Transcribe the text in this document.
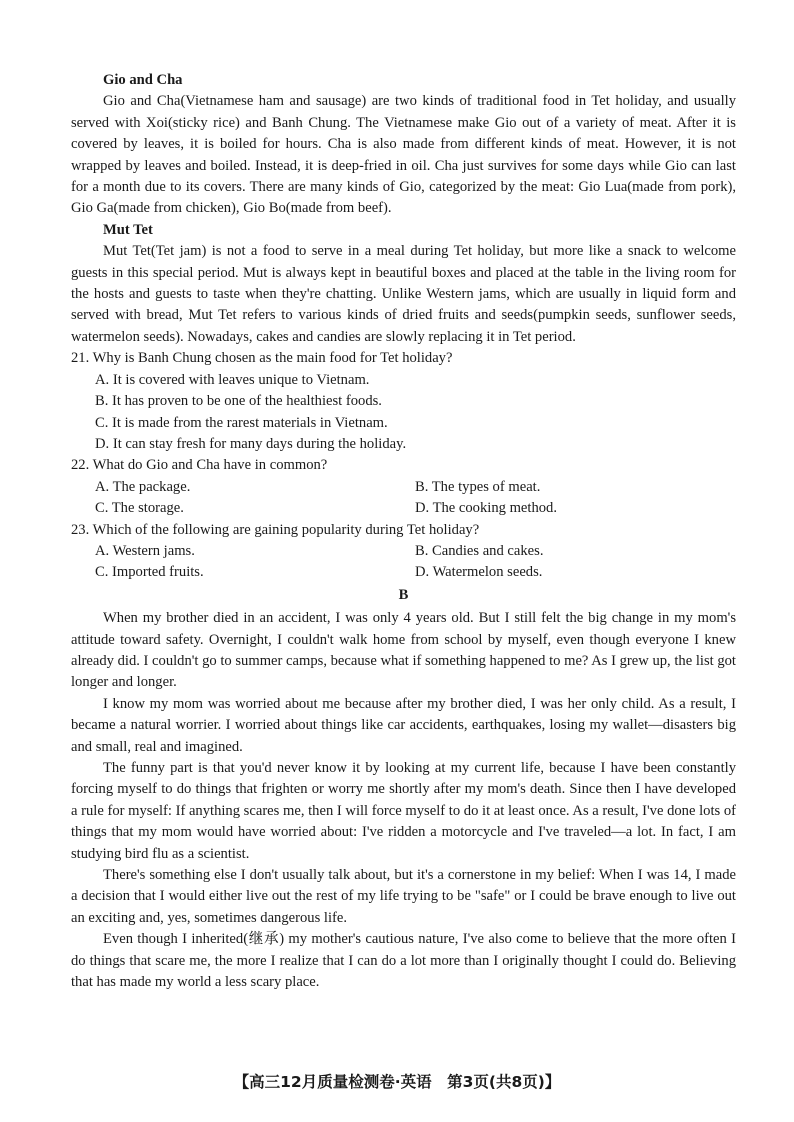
Gio and Cha

Gio and Cha(Vietnamese ham and sausage) are two kinds of traditional food in Tet holiday, and usually served with Xoi(sticky rice) and Banh Chung. The Vietnamese make Gio out of a variety of meat. After it is covered by leaves, it is boiled for hours. Cha is also made from different kinds of meat. However, it is not wrapped by leaves and boiled. Instead, it is deep-fried in oil. Cha just survives for some days while Gio can last for a month due to its covers. There are many kinds of Gio, categorized by the meat: Gio Lua(made from pork), Gio Ga(made from chicken), Gio Bo(made from beef).

Mut Tet

Mut Tet(Tet jam) is not a food to serve in a meal during Tet holiday, but more like a snack to welcome guests in this special period. Mut is always kept in beautiful boxes and placed at the table in the living room for the hosts and guests to taste when they're chatting. Unlike Western jams, which are usually in liquid form and served with bread, Mut Tet refers to various kinds of dried fruits and seeds(pumpkin seeds, sunflower seeds, watermelon seeds). Nowadays, cakes and candies are slowly replacing it in Tet period.

21. Why is Banh Chung chosen as the main food for Tet holiday?

A. It is covered with leaves unique to Vietnam.
B. It has proven to be one of the healthiest foods.
C. It is made from the rarest materials in Vietnam.
D. It can stay fresh for many days during the holiday.

22. What do Gio and Cha have in common?

A. The package.	B. The types of meat.
C. The storage.	D. The cooking method.

23. Which of the following are gaining popularity during Tet holiday?

A. Western jams.	B. Candies and cakes.
C. Imported fruits.	D. Watermelon seeds.
B

When my brother died in an accident, I was only 4 years old. But I still felt the big change in my mom's attitude toward safety. Overnight, I couldn't walk home from school by myself, even though everyone I knew already did. I couldn't go to summer camps, because what if something happened to me? As I grew up, the list got longer and longer.

I know my mom was worried about me because after my brother died, I was her only child. As a result, I became a natural worrier. I worried about things like car accidents, earthquakes, losing my wallet—disasters big and small, real and imagined.

The funny part is that you'd never know it by looking at my current life, because I have been constantly forcing myself to do things that frighten or worry me shortly after my mom's death. Since then I have developed a rule for myself: If anything scares me, then I will force myself to do it at least once. As a result, I've done lots of things that my mom would have worried about: I've ridden a motorcycle and I've traveled—a lot. In fact, I am studying bird flu as a scientist.

There's something else I don't usually talk about, but it's a cornerstone in my belief: When I was 14, I made a decision that I would either live out the rest of my life trying to be "safe" or I could be brave enough to live out an exciting and, yes, sometimes dangerous life.

Even though I inherited(继承) my mother's cautious nature, I've also come to believe that the more often I do things that scare me, the more I realize that I can do a lot more than I originally thought I could do. Believing that has made my world a less scary place.

【高三12月质量检测卷·英语　第3页(共8页)】
